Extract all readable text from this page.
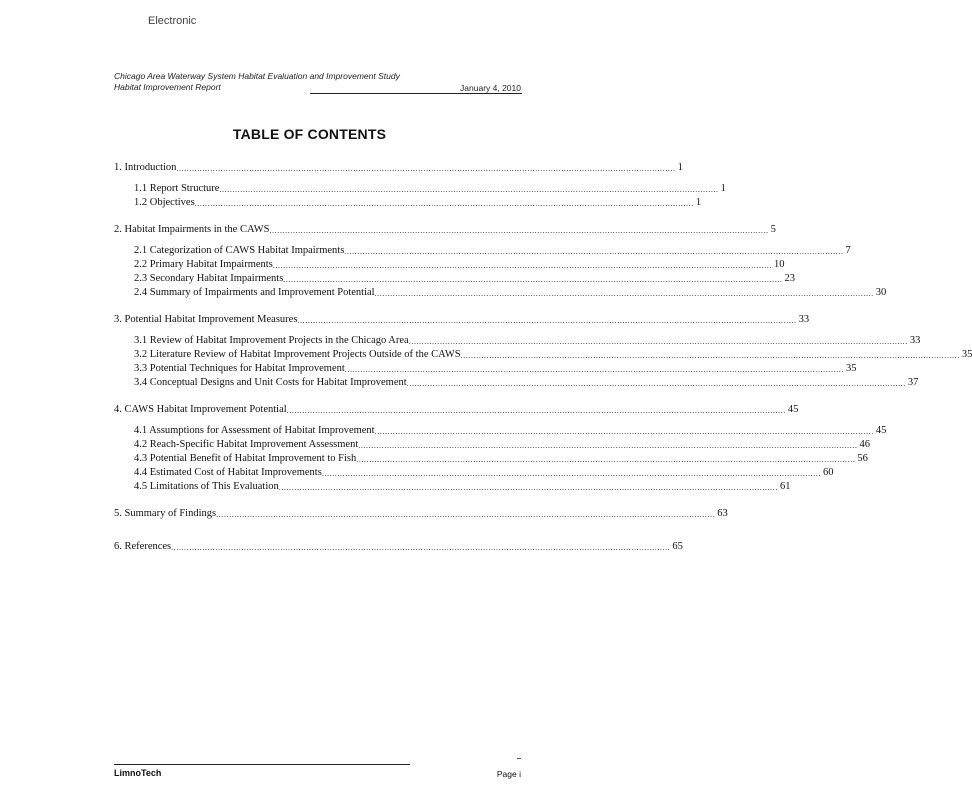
Electronic
Chicago Area Waterway System Habitat Evaluation and Improvement Study
Habitat Improvement Report	January 4, 2010
TABLE OF CONTENTS
1. Introduction ................................................................................................................................................................................................ 1
1.1 Report Structure ................................................................................................................................................................................................ 1
1.2 Objectives ................................................................................................................................................................................................ 1
2. Habitat Impairments in the CAWS ................................................................................................................................................................................................ 5
2.1 Categorization of CAWS Habitat Impairments ................................................................................................................................................................................................ 7
2.2 Primary Habitat Impairments ................................................................................................................................................................................................ 10
2.3 Secondary Habitat Impairments ................................................................................................................................................................................................ 23
2.4 Summary of Impairments and Improvement Potential ................................................................................................................................................................................................ 30
3. Potential Habitat Improvement Measures ................................................................................................................................................................................................ 33
3.1 Review of Habitat Improvement Projects in the Chicago Area ................................................................................................................................................................................................ 33
3.2 Literature Review of Habitat Improvement Projects Outside of the CAWS ................................................................................................................................................................................................ 35
3.3 Potential Techniques for Habitat Improvement ................................................................................................................................................................................................ 35
3.4 Conceptual Designs and Unit Costs for Habitat Improvement ................................................................................................................................................................................................ 37
4. CAWS Habitat Improvement Potential ................................................................................................................................................................................................ 45
4.1 Assumptions for Assessment of Habitat Improvement ................................................................................................................................................................................................ 45
4.2 Reach-Specific Habitat Improvement Assessment ................................................................................................................................................................................................ 46
4.3 Potential Benefit of Habitat Improvement to Fish ................................................................................................................................................................................................ 56
4.4 Estimated Cost of Habitat Improvements ................................................................................................................................................................................................ 60
4.5 Limitations of This Evaluation ................................................................................................................................................................................................ 61
5. Summary of Findings ................................................................................................................................................................................................ 63
6. References ................................................................................................................................................................................................ 65
LimnoTech	Page i
